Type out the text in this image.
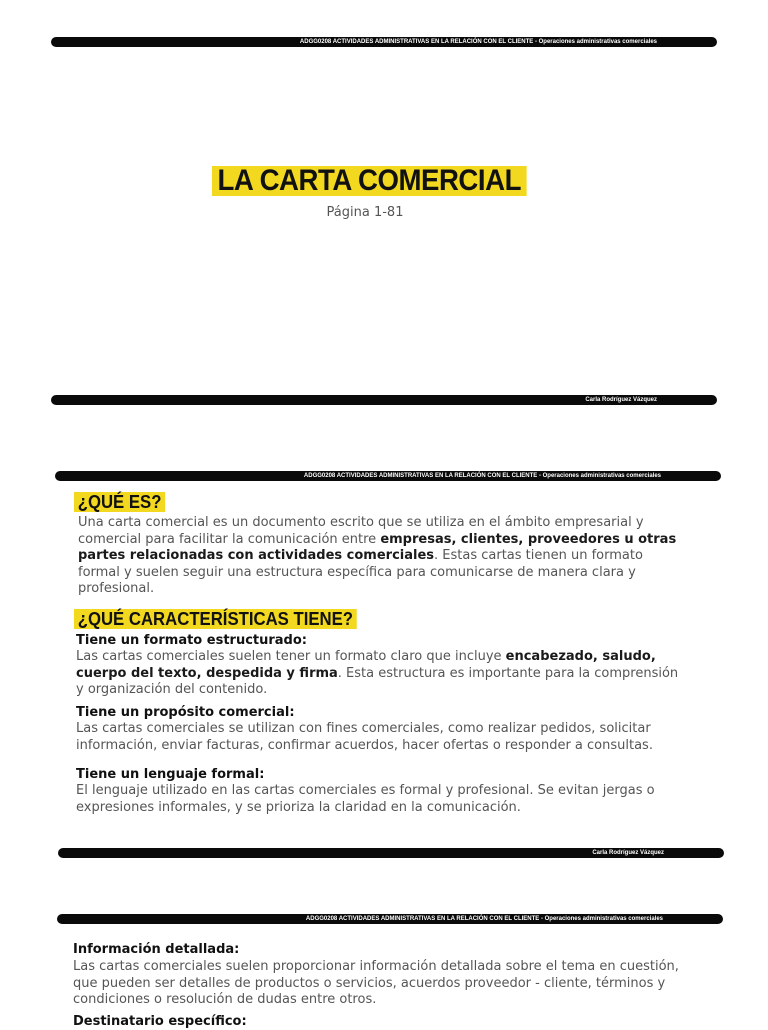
ADGG0208 ACTIVIDADES ADMINISTRATIVAS EN LA RELACIÓN CON EL CLIENTE - Operaciones administrativas comerciales
LA CARTA COMERCIAL
Página 1-81
Carla Rodríguez Vázquez
ADGG0208 ACTIVIDADES ADMINISTRATIVAS EN LA RELACIÓN CON EL CLIENTE - Operaciones administrativas comerciales
¿QUÉ ES?
Una carta comercial es un documento escrito que se utiliza en el ámbito empresarial y comercial para facilitar la comunicación entre empresas, clientes, proveedores u otras partes relacionadas con actividades comerciales. Estas cartas tienen un formato formal y suelen seguir una estructura específica para comunicarse de manera clara y profesional.
¿QUÉ CARACTERÍSTICAS TIENE?
Tiene un formato estructurado:
Las cartas comerciales suelen tener un formato claro que incluye encabezado, saludo, cuerpo del texto, despedida y firma. Esta estructura es importante para la comprensión y organización del contenido.
Tiene un propósito comercial:
Las cartas comerciales se utilizan con fines comerciales, como realizar pedidos, solicitar información, enviar facturas, confirmar acuerdos, hacer ofertas o responder a consultas.
Tiene un lenguaje formal:
El lenguaje utilizado en las cartas comerciales es formal y profesional. Se evitan jergas o expresiones informales, y se prioriza la claridad en la comunicación.
Carla Rodríguez Vázquez
ADGG0208 ACTIVIDADES ADMINISTRATIVAS EN LA RELACIÓN CON EL CLIENTE - Operaciones administrativas comerciales
Información detallada:
Las cartas comerciales suelen proporcionar información detallada sobre el tema en cuestión, que pueden ser detalles de productos o servicios, acuerdos proveedor - cliente, términos y condiciones o resolución de dudas entre otros.
Destinatario específico:
